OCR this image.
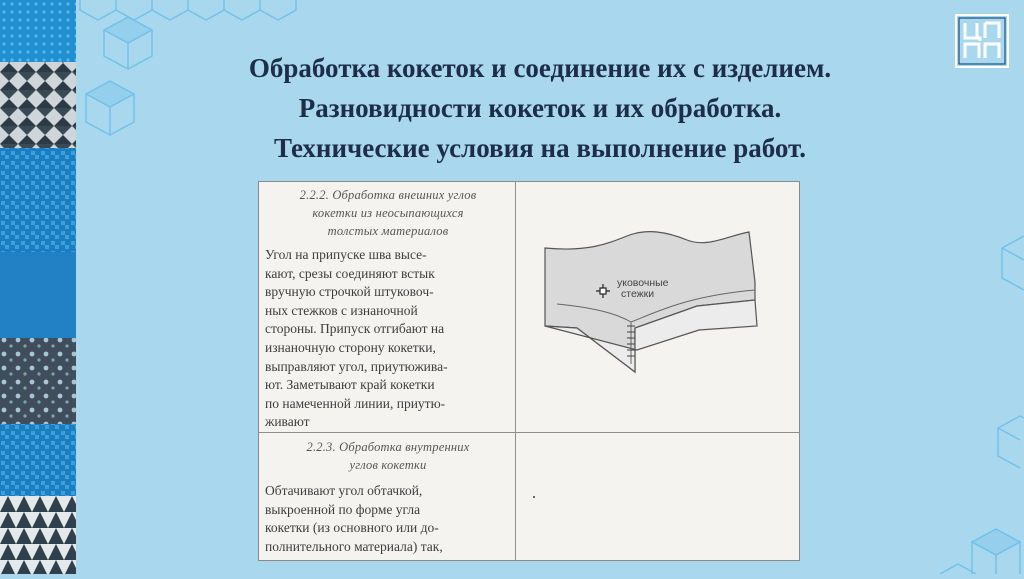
Обработка кокеток и соединение их с изделием.
Разновидности кокеток и их обработка.
Технические условия на выполнение работ.
2.2.2. Обработка внешних углов
кокетки из неосыпающихся
толстых материалов
Угол на припуске шва высе-
кают, срезы соединяют встык
вручную строчкой штуковоч-
ных стежков с изнаночной
стороны. Припуск отгибают на
изнаночную сторону кокетки,
выправляют угол, приутюжива-
ют. Заметывают край кокетки
по намеченной линии, приутю-
живают
2.2.3. Обработка внутренних
углов кокетки
Обтачивают угол обтачкой,
выкроенной по форме угла
кокетки (из основного или до-
полнительного материала) так,
уковочные
стежки
